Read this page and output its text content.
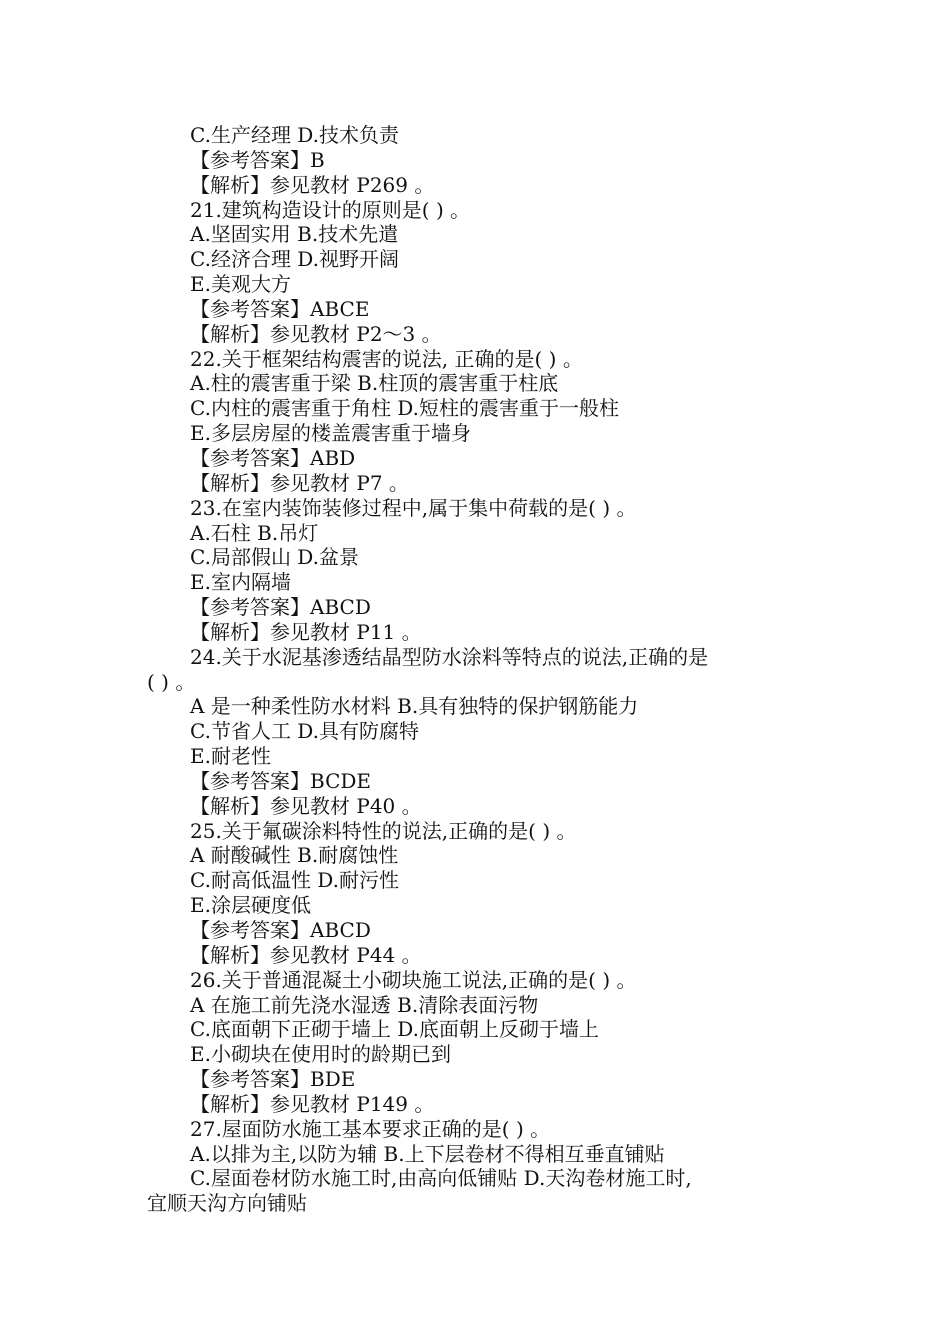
C.生产经理 D.技术负责
【参考答案】B
【解析】参见教材 P269 。
21.建筑构造设计的原则是( ) 。
A.坚固实用 B.技术先遣
C.经济合理 D.视野开阔
E.美观大方
【参考答案】ABCE
【解析】参见教材 P2～3 。
22.关于框架结构震害的说法, 正确的是( ) 。
A.柱的震害重于梁 B.柱顶的震害重于柱底
C.内柱的震害重于角柱 D.短柱的震害重于一般柱
E.多层房屋的楼盖震害重于墙身
【参考答案】ABD
【解析】参见教材 P7 。
23.在室内装饰装修过程中,属于集中荷载的是( ) 。
A.石柱 B.吊灯
C.局部假山 D.盆景
E.室内隔墙
【参考答案】ABCD
【解析】参见教材 P11 。
24.关于水泥基渗透结晶型防水涂料等特点的说法,正确的是
( ) 。
A 是一种柔性防水材料 B.具有独特的保护钢筋能力
C.节省人工 D.具有防腐特
E.耐老性
【参考答案】BCDE
【解析】参见教材 P40 。
25.关于氟碳涂料特性的说法,正确的是( ) 。
A 耐酸碱性 B.耐腐蚀性
C.耐高低温性 D.耐污性
E.涂层硬度低
【参考答案】ABCD
【解析】参见教材 P44 。
26.关于普通混凝土小砌块施工说法,正确的是( ) 。
A 在施工前先浇水湿透 B.清除表面污物
C.底面朝下正砌于墙上 D.底面朝上反砌于墙上
E.小砌块在使用时的龄期已到
【参考答案】BDE
【解析】参见教材 P149 。
27.屋面防水施工基本要求正确的是( ) 。
A.以排为主,以防为辅 B.上下层卷材不得相互垂直铺贴
C.屋面卷材防水施工时,由高向低铺贴 D.天沟卷材施工时,
宜顺天沟方向铺贴
